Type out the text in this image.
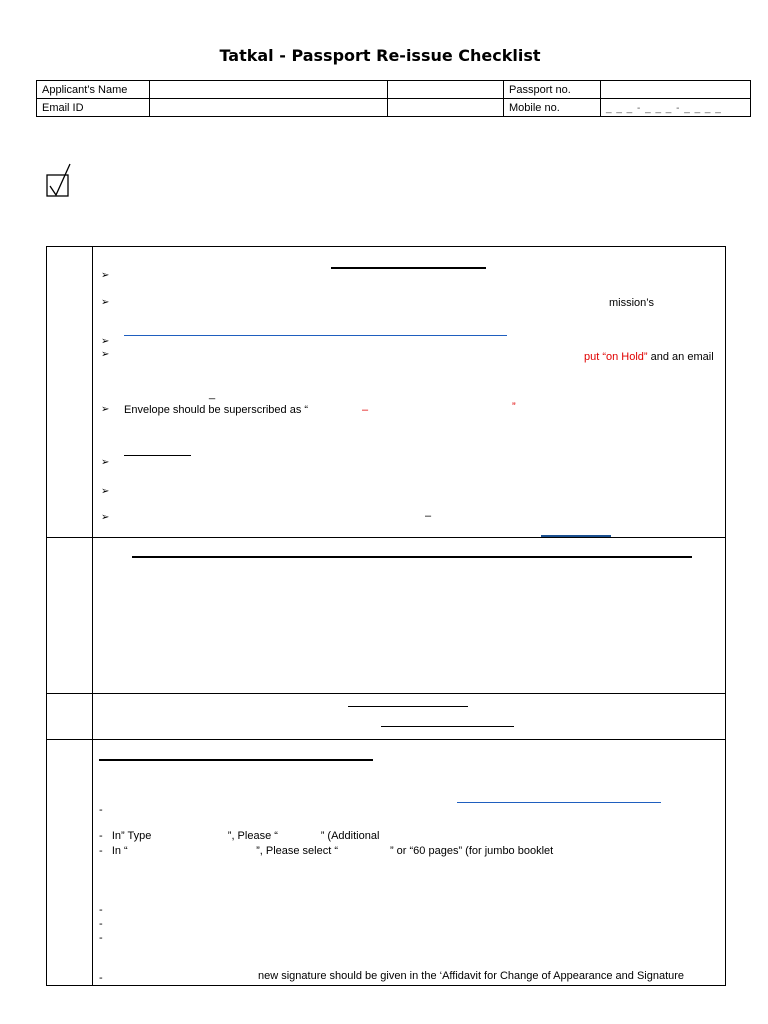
Tatkal - Passport Re-issue Checklist
Applicant’s Name			Passport no.	
Email ID			Mobile no.	_ _ _ - _ _ _ - _ _ _ _
➢
➢	mission’s
➢
➢	put “on Hold” and an email
_
➢ Envelope should be superscribed as “	–	”
➢
➢
➢	–
-
-   In” Type                         ”, Please “              ” (Additional
-   In “                                          ”, Please select “                 ” or “60 pages” (for jumbo booklet
-
-
-
-	new signature should be given in the ‘Affidavit for Change of Appearance and Signature
